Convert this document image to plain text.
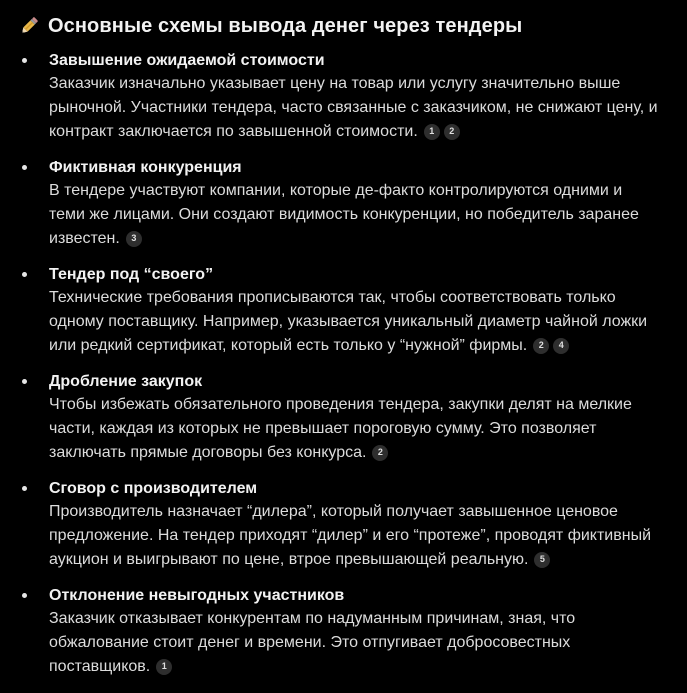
Основные схемы вывода денег через тендеры
Завышение ожидаемой стоимости
Заказчик изначально указывает цену на товар или услугу значительно выше рыночной. Участники тендера, часто связанные с заказчиком, не снижают цену, и контракт заключается по завышенной стоимости.	1	2
Фиктивная конкуренция
В тендере участвуют компании, которые де-факто контролируются одними и теми же лицами. Они создают видимость конкуренции, но победитель заранее известен.	3
Тендер под “своего”
Технические требования прописываются так, чтобы соответствовать только одному поставщику. Например, указывается уникальный диаметр чайной ложки или редкий сертификат, который есть только у “нужной” фирмы.	2	4
Дробление закупок
Чтобы избежать обязательного проведения тендера, закупки делят на мелкие части, каждая из которых не превышает пороговую сумму. Это позволяет заключать прямые договоры без конкурса.	2
Сговор с производителем
Производитель назначает “дилера”, который получает завышенное ценовое предложение. На тендер приходят “дилер” и его “протеже”, проводят фиктивный аукцион и выигрывают по цене, втрое превышающей реальную.	5
Отклонение невыгодных участников
Заказчик отказывает конкурентам по надуманным причинам, зная, что обжалование стоит денег и времени. Это отпугивает добросовестных поставщиков.	1
